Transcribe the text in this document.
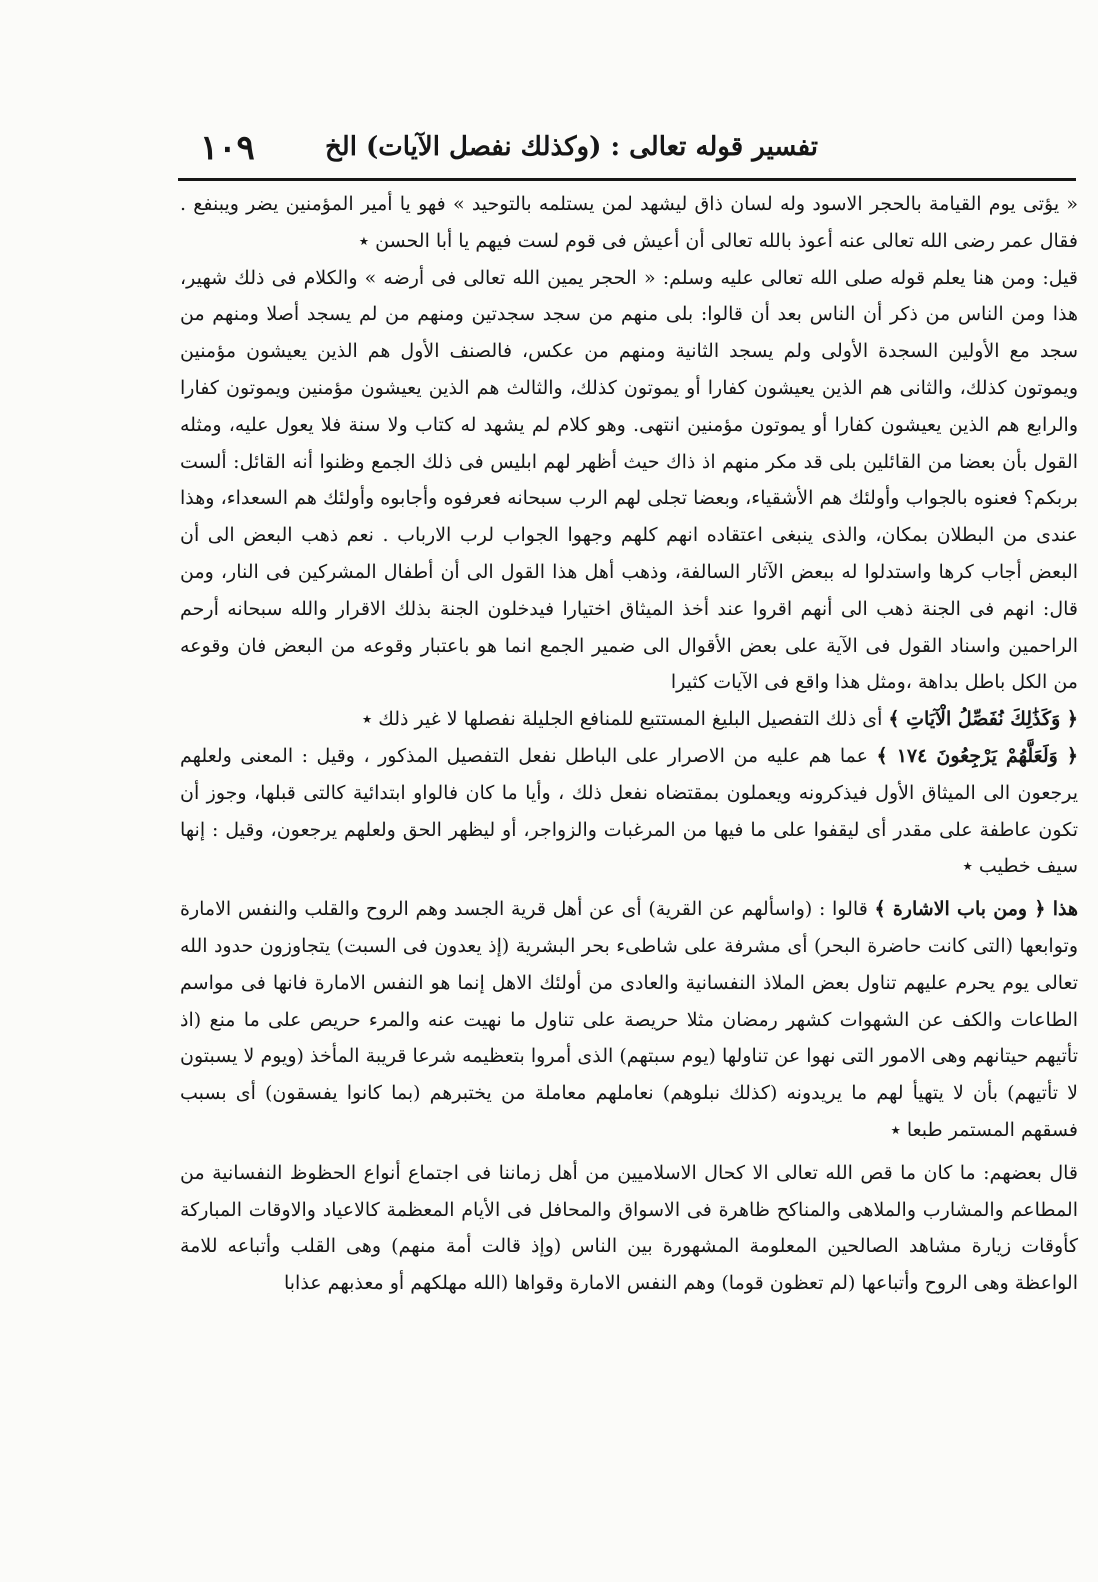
تفسير قوله تعالى : (وكذلك نفصل الآيات) الخ
١٠٩

« يؤتى يوم القيامة بالحجر الاسود وله لسان ذاق ليشهد لمن يستلمه بالتوحيد » فهو يا أمير المؤمنين يضر ويبنفع . فقال عمر رضى الله تعالى عنه أعوذ بالله تعالى أن أعيش فى قوم لست فيهم يا أبا الحسن ٭

قيل: ومن هنا يعلم قوله صلى الله تعالى عليه وسلم: « الحجر يمين الله تعالى فى أرضه » والكلام فى ذلك شهير، هذا ومن الناس من ذكر أن الناس بعد أن قالوا: بلى منهم من سجد سجدتين ومنهم من لم يسجد أصلا ومنهم من سجد مع الأولين السجدة الأولى ولم يسجد الثانية ومنهم من عكس، فالصنف الأول هم الذين يعيشون مؤمنين ويموتون كذلك، والثانى هم الذين يعيشون كفارا أو يموتون كذلك، والثالث هم الذين يعيشون مؤمنين ويموتون كفارا والرابع هم الذين يعيشون كفارا أو يموتون مؤمنين انتهى. وهو كلام لم يشهد له كتاب ولا سنة فلا يعول عليه، ومثله القول بأن بعضا من القائلين بلى قد مكر منهم اذ ذاك حيث أظهر لهم ابليس فى ذلك الجمع وظنوا أنه القائل: ألست بربكم؟ فعنوه بالجواب وأولئك هم الأشقياء، وبعضا تجلى لهم الرب سبحانه فعرفوه وأجابوه وأولئك هم السعداء، وهذا عندى من البطلان بمكان، والذى ينبغى اعتقاده انهم كلهم وجهوا الجواب لرب الارباب . نعم ذهب البعض الى أن البعض أجاب كرها واستدلوا له ببعض الآثار السالفة، وذهب أهل هذا القول الى أن أطفال المشركين فى النار، ومن قال: انهم فى الجنة ذهب الى أنهم اقروا عند أخذ الميثاق اختيارا فيدخلون الجنة بذلك الاقرار والله سبحانه أرحم الراحمين واسناد القول فى الآية على بعض الأقوال الى ضمير الجمع انما هو باعتبار وقوعه من البعض فان وقوعه من الكل باطل بداهة ،ومثل هذا واقع فى الآيات كثيرا

﴿ وَكَذَٰلِكَ نُفَصِّلُ الْآيَاتِ ﴾ أى ذلك التفصيل البليغ المستتبع للمنافع الجليلة نفصلها لا غير ذلك ٭

﴿ وَلَعَلَّهُمْ يَرْجِعُونَ ١٧٤ ﴾ عما هم عليه من الاصرار على الباطل نفعل التفصيل المذكور ، وقيل : المعنى ولعلهم يرجعون الى الميثاق الأول فيذكرونه ويعملون بمقتضاه نفعل ذلك ، وأيا ما كان فالواو ابتدائية كالتى قبلها، وجوز أن تكون عاطفة على مقدر أى ليقفوا على ما فيها من المرغبات والزواجر، أو ليظهر الحق ولعلهم يرجعون، وقيل : إنها سيف خطيب ٭

هذا ﴿ ومن باب الاشارة ﴾ قالوا : (واسألهم عن القرية) أى عن أهل قرية الجسد وهم الروح والقلب والنفس الامارة وتوابعها (التى كانت حاضرة البحر) أى مشرفة على شاطىء بحر البشرية (إذ يعدون فى السبت) يتجاوزون حدود الله تعالى يوم يحرم عليهم تناول بعض الملاذ النفسانية والعادى من أولئك الاهل إنما هو النفس الامارة فانها فى مواسم الطاعات والكف عن الشهوات كشهر رمضان مثلا حريصة على تناول ما نهيت عنه والمرء حريص على ما منع (اذ تأتيهم حيتانهم وهى الامور التى نهوا عن تناولها (يوم سبتهم) الذى أمروا بتعظيمه شرعا قريبة المأخذ (ويوم لا يسبتون لا تأتيهم) بأن لا يتهيأ لهم ما يريدونه (كذلك نبلوهم) نعاملهم معاملة من يختبرهم (بما كانوا يفسقون) أى بسبب فسقهم المستمر طبعا ٭

قال بعضهم: ما كان ما قص الله تعالى الا كحال الاسلاميين من أهل زماننا فى اجتماع أنواع الحظوظ النفسانية من المطاعم والمشارب والملاهى والمناكح ظاهرة فى الاسواق والمحافل فى الأيام المعظمة كالاعياد والاوقات المباركة كأوقات زيارة مشاهد الصالحين المعلومة المشهورة بين الناس (وإذ قالت أمة منهم) وهى القلب وأتباعه للامة الواعظة وهى الروح وأتباعها (لم تعظون قوما) وهم النفس الامارة وقواها (الله مهلكهم أو معذبهم عذابا
